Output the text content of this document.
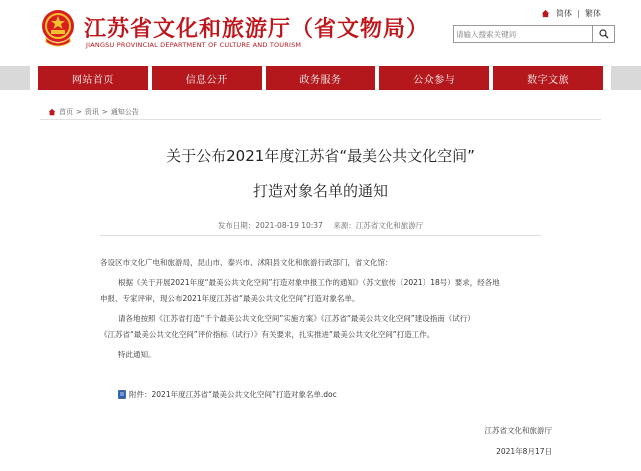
江苏省文化和旅游厅（省文物局）
JIANGSU PROVINCIAL DEPARTMENT OF CULTURE AND TOURISM
简体 繁体
请输入搜索关键词
网站首页	信息公开	政务服务	公众参与	数字文旅
首页 > 资讯 > 通知公告
关于公布2021年度江苏省“最美公共文化空间”
打造对象名单的通知
发布日期：2021-08-19 10:37 来源：江苏省文化和旅游厅
各设区市文化广电和旅游局，昆山市、泰兴市、沭阳县文化和旅游行政部门，省文化馆：
根据《关于开展2021年度“最美公共文化空间”打造对象申报工作的通知》（苏文旅传〔2021〕18号）要求，经各地
申报、专家评审，现公布2021年度江苏省“最美公共文化空间”打造对象名单。
请各地按照《江苏省打造“千个最美公共文化空间”实施方案》《江苏省“最美公共文化空间”建设指南（试行）
《江苏省“最美公共文化空间”评价指标（试行）》有关要求，扎实推进“最美公共文化空间”打造工作。
特此通知。
附件：2021年度江苏省“最美公共文化空间”打造对象名单.doc
江苏省文化和旅游厅
2021年8月17日
